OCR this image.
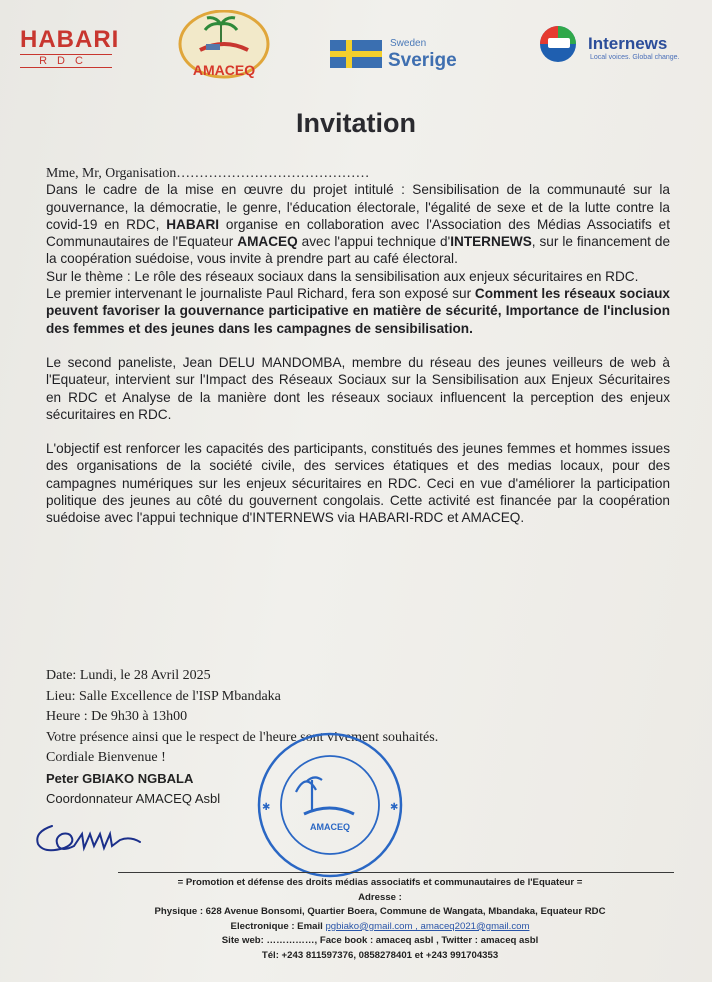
HABARI
RDC
AMACEQ
Sweden
Sverige
Internews
Local voices. Global change.
Invitation

Mme, Mr, Organisation……………………………………

Dans le cadre de la mise en œuvre du projet intitulé : Sensibilisation de la communauté sur la gouvernance, la démocratie, le genre, l'éducation électorale, l'égalité de sexe et de la lutte contre la covid-19 en RDC, HABARI organise en collaboration avec l'Association des Médias Associatifs et Communautaires de l'Equateur AMACEQ avec l'appui technique d'INTERNEWS, sur le financement de la coopération suédoise, vous invite à prendre part au café électoral.

Sur le thème : Le rôle des réseaux sociaux dans la sensibilisation aux enjeux sécuritaires en RDC.

Le premier intervenant le journaliste Paul Richard, fera son exposé sur Comment les réseaux sociaux peuvent favoriser la gouvernance participative en matière de sécurité, Importance de l'inclusion des femmes et des jeunes dans les campagnes de sensibilisation.

Le second paneliste, Jean DELU MANDOMBA, membre du réseau des jeunes veilleurs de web à l'Equateur, intervient sur l'Impact des Réseaux Sociaux sur la Sensibilisation aux Enjeux Sécuritaires en RDC et Analyse de la manière dont les réseaux sociaux influencent la perception des enjeux sécuritaires en RDC.

L'objectif est renforcer les capacités des participants, constitués des jeunes femmes et hommes issues des organisations de la société civile, des services étatiques et des medias locaux, pour des campagnes numériques sur les enjeux sécuritaires en RDC. Ceci en vue d'améliorer la participation politique des jeunes au côté du gouvernent congolais. Cette activité est financée par la coopération suédoise avec l'appui technique d'INTERNEWS via HABARI-RDC et AMACEQ.

Date: Lundi, le 28 Avril 2025
Lieu: Salle Excellence de l'ISP Mbandaka
Heure : De 9h30 à 13h00
Votre présence ainsi que le respect de l'heure sont vivement souhaités.
Cordiale Bienvenue !
Peter GBIAKO NGBALA
Coordonnateur AMACEQ Asbl
AMACEQ
✱	✱
= Promotion et défense des droits médias associatifs et communautaires de l'Equateur =
Adresse :
Physique : 628 Avenue Bonsomi, Quartier Boera, Commune de Wangata, Mbandaka, Equateur RDC
Electronique : Email pgbiako@gmail.com , amaceq2021@gmail.com
Site web: ……………, Face book : amaceq asbl , Twitter : amaceq asbl
Tél: +243 811597376, 0858278401 et +243 991704353
